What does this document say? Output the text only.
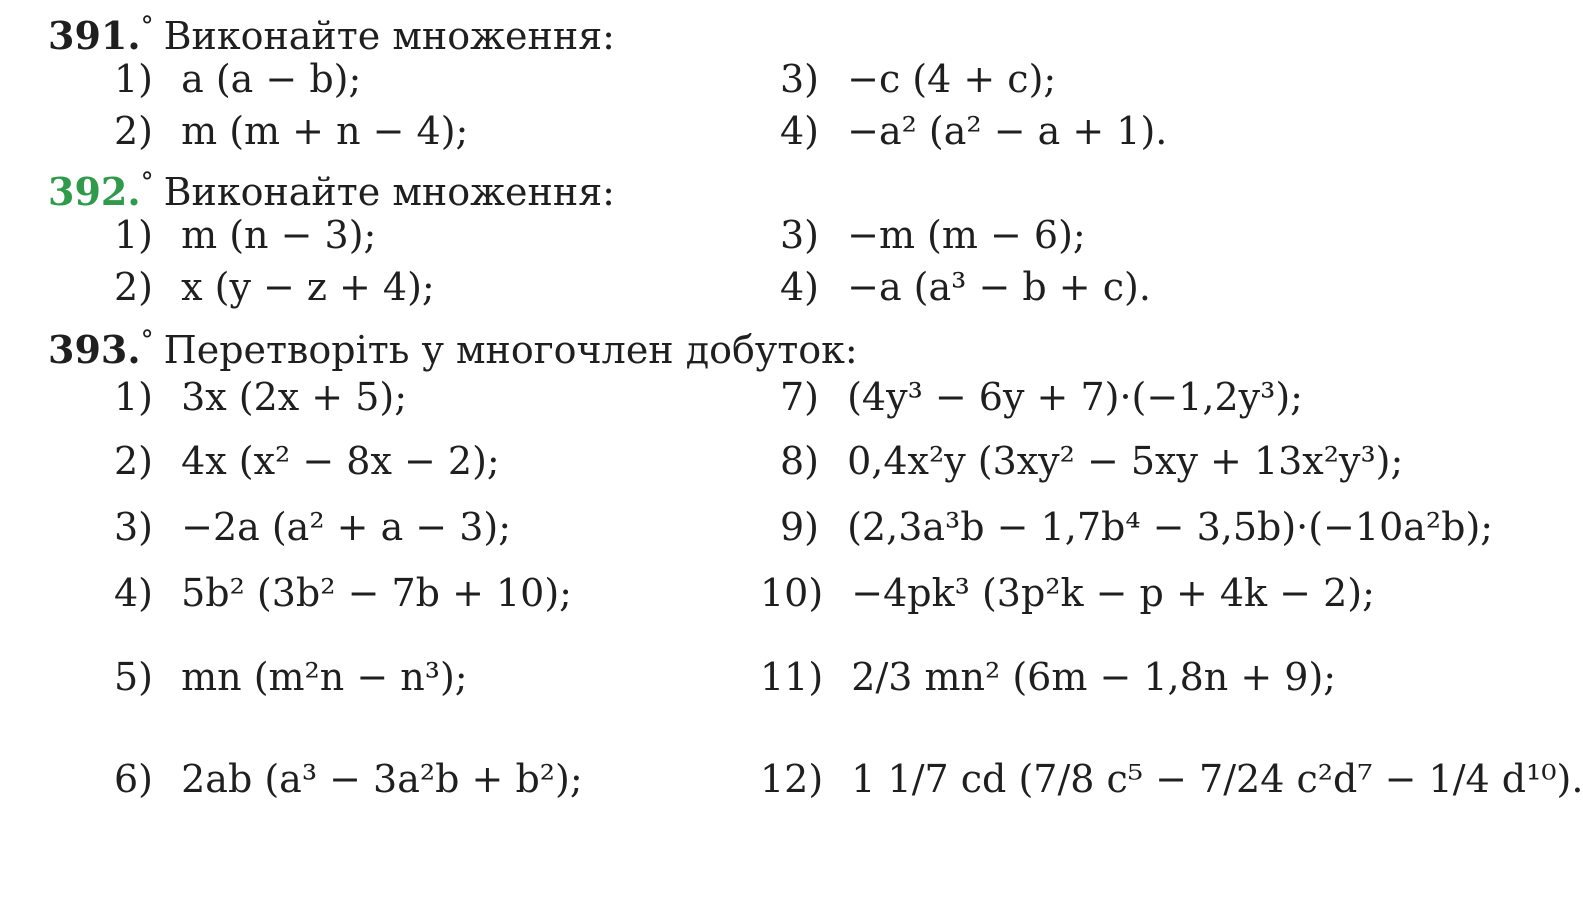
391.° Виконайте множення:
1) a (a − b);
2) m (m + n − 4);
3) −c (4 + c);
4) −a² (a² − a + 1).
392.° Виконайте множення:
1) m (n − 3);
2) x (y − z + 4);
3) −m (m − 6);
4) −a (a³ − b + c).
393.° Перетворіть у многочлен добуток:
1) 3x (2x + 5);
2) 4x (x² − 8x − 2);
3) −2a (a² + a − 3);
4) 5b² (3b² − 7b + 10);
5) mn (m²n − n³);
6) 2ab (a³ − 3a²b + b²);
7) (4y³ − 6y + 7)·(−1,2y³);
8) 0,4x²y (3xy² − 5xy + 13x²y³);
9) (2,3a³b − 1,7b⁴ − 3,5b)·(−10a²b);
10) −4pk³ (3p²k − p + 4k − 2);
11) 2/3 mn² (6m − 1,8n + 9);
12) 1 1/7 cd (7/8 c⁵ − 7/24 c²d⁷ − 1/4 d¹⁰).
